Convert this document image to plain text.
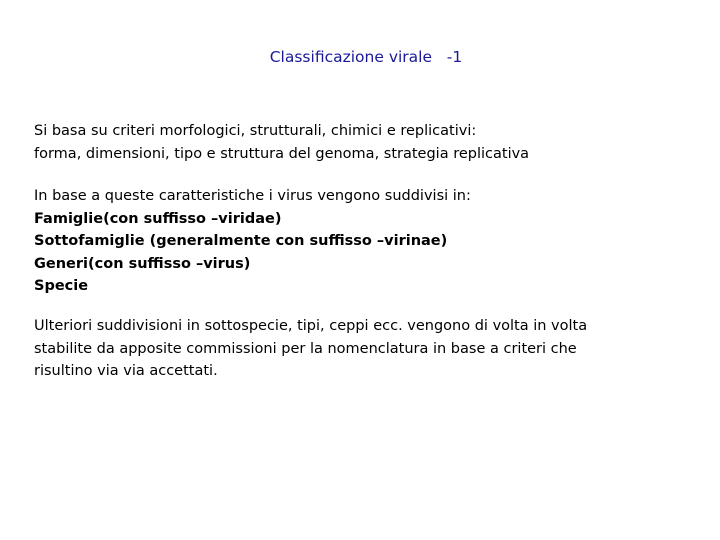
Classificazione virale   -1
Si basa su criteri morfologici, strutturali, chimici e replicativi:
forma, dimensioni, tipo e struttura del genoma, strategia replicativa
In base a queste caratteristiche i virus vengono suddivisi in:
Famiglie(con suffisso –viridae)
Sottofamiglie (generalmente con suffisso –virinae)
Generi(con suffisso –virus)
Specie
Ulteriori suddivisioni in sottospecie, tipi, ceppi ecc. vengono di volta in volta
stabilite da apposite commissioni per la nomenclatura in base a criteri che
risultino via via accettati.
